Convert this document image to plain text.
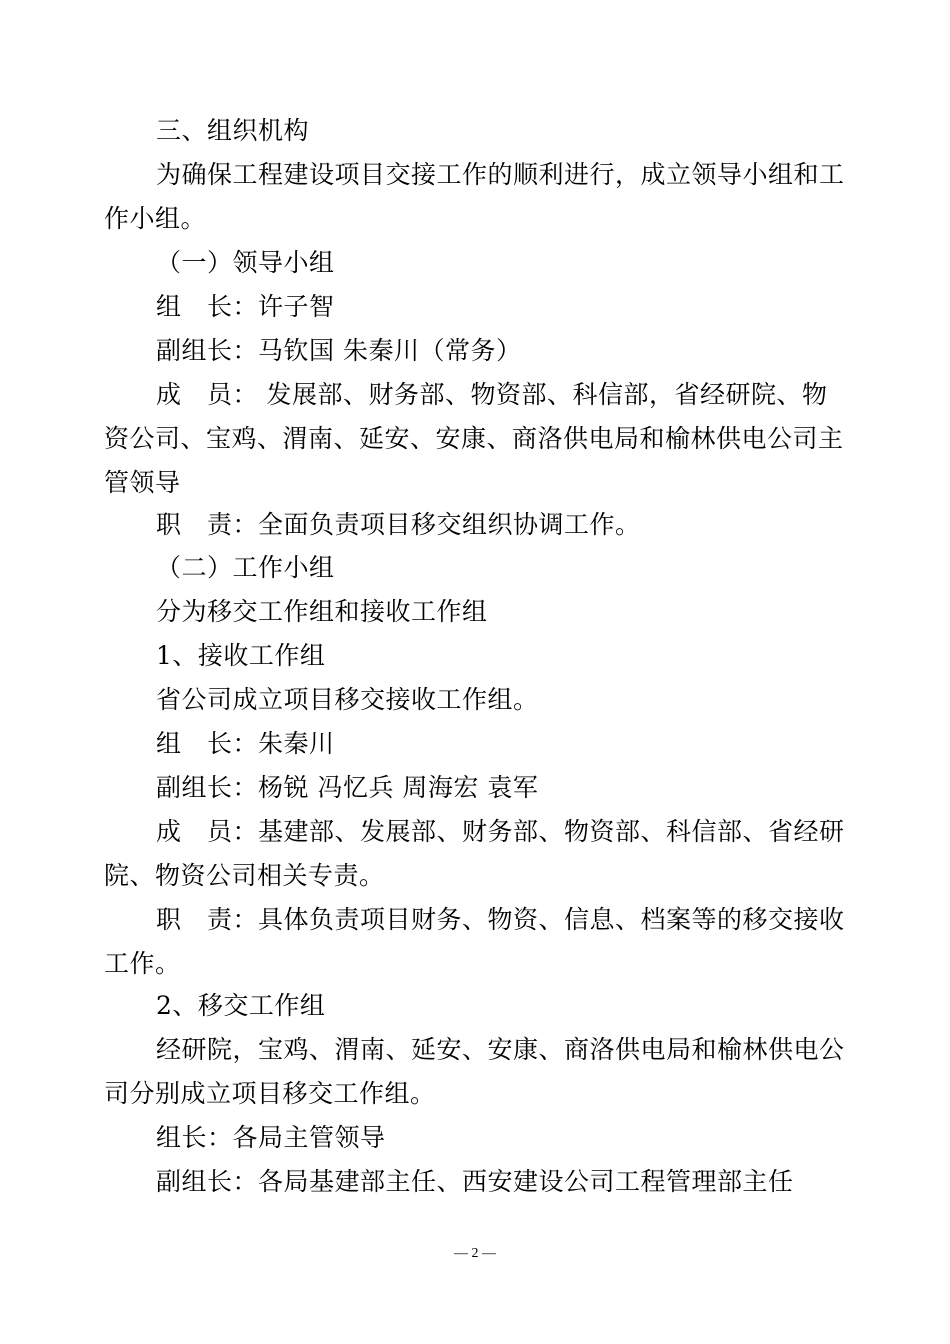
三、组织机构
为确保工程建设项目交接工作的顺利进行，成立领导小组和工
作小组。
（一）领导小组
组　长：许子智
副组长：马钦国 朱秦川（常务）
成　员： 发展部、财务部、物资部、科信部，省经研院、物
资公司、宝鸡、渭南、延安、安康、商洛供电局和榆林供电公司主
管领导
职　责：全面负责项目移交组织协调工作。
（二）工作小组
分为移交工作组和接收工作组
1、接收工作组
省公司成立项目移交接收工作组。
组　长：朱秦川
副组长：杨锐 冯忆兵 周海宏 袁军
成　员：基建部、发展部、财务部、物资部、科信部、省经研
院、物资公司相关专责。
职　责：具体负责项目财务、物资、信息、档案等的移交接收
工作。
2、移交工作组
经研院，宝鸡、渭南、延安、安康、商洛供电局和榆林供电公
司分别成立项目移交工作组。
组长：各局主管领导
副组长：各局基建部主任、西安建设公司工程管理部主任
— 2 —
